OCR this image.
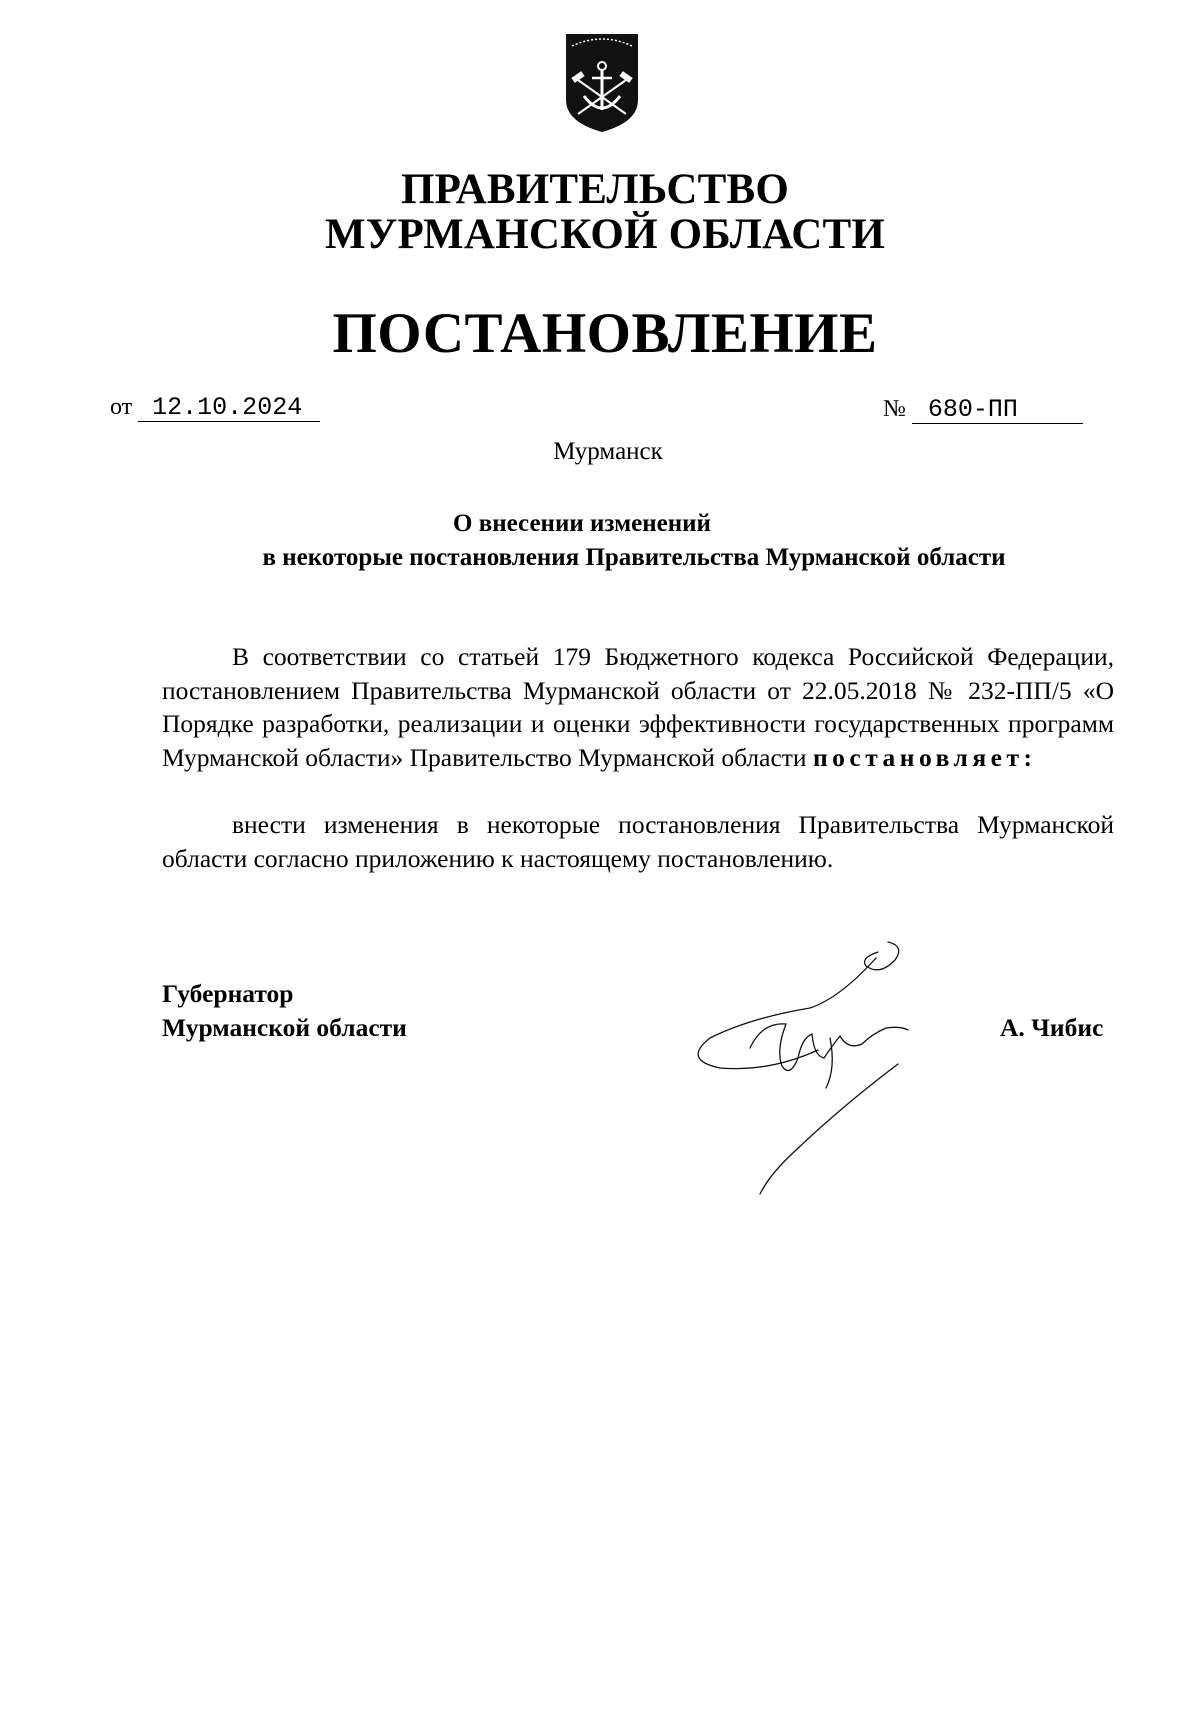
ПРАВИТЕЛЬСТВО
МУРМАНСКОЙ ОБЛАСТИ
ПОСТАНОВЛЕНИЕ
от 12.10.2024	№ 680-ПП
Мурманск
О внесении изменений
в некоторые постановления Правительства Мурманской области
В соответствии со статьей 179 Бюджетного кодекса Российской Федерации, постановлением Правительства Мурманской области от 22.05.2018 № 232-ПП/5 «О Порядке разработки, реализации и оценки эффективности государственных программ Мурманской области» Правительство Мурманской области постановляет:
внести изменения в некоторые постановления Правительства Мурманской области согласно приложению к настоящему постановлению.
Губернатор
Мурманской области	А. Чибис
